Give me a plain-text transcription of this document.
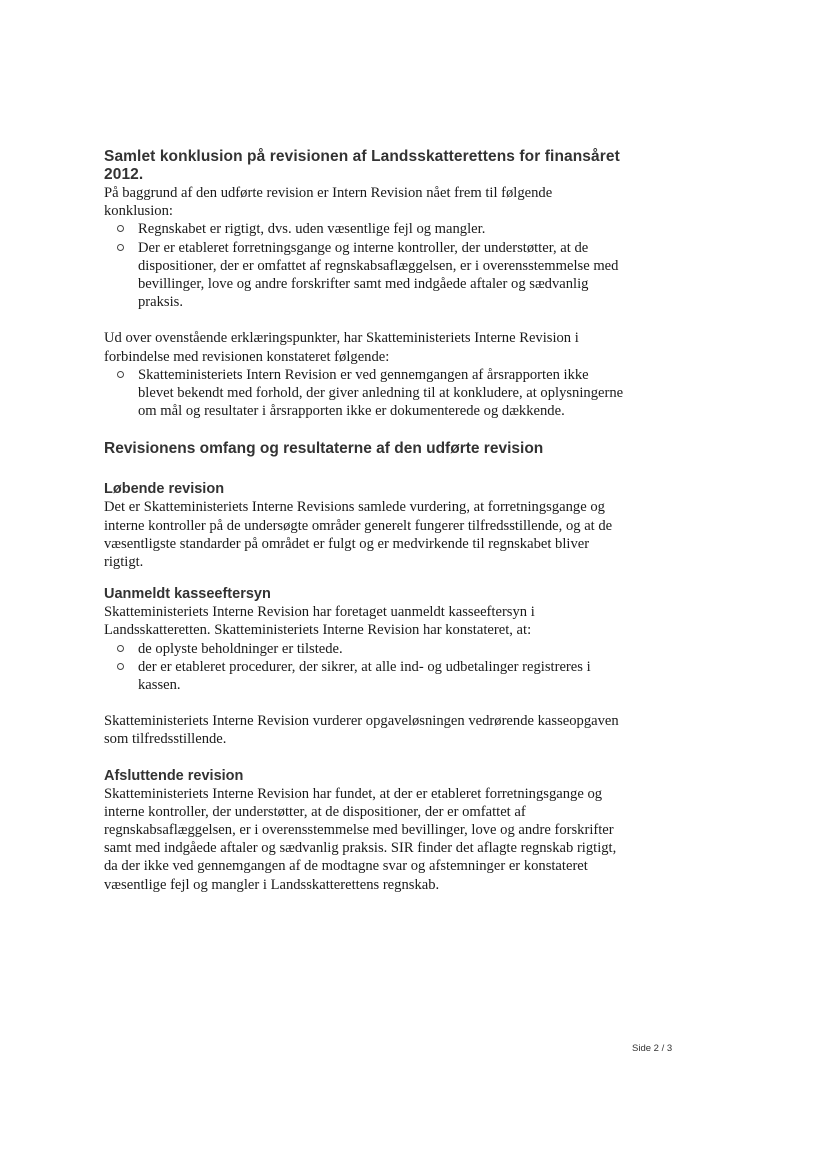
Samlet konklusion på revisionen af Landsskatterettens for finansåret 2012.

På baggrund af den udførte revision er Intern Revision nået frem til følgende konklusion:

Regnskabet er rigtigt, dvs. uden væsentlige fejl og mangler.
Der er etableret forretningsgange og interne kontroller, der understøtter, at de dispositioner, der er omfattet af regnskabsaflæggelsen, er i overensstemmelse med bevillinger, love og andre forskrifter samt med indgåede aftaler og sædvanlig praksis.

Ud over ovenstående erklæringspunkter, har Skatteministeriets Interne Revision i forbindelse med revisionen konstateret følgende:

Skatteministeriets Intern Revision er ved gennemgangen af årsrapporten ikke blevet bekendt med forhold, der giver anledning til at konkludere, at oplysningerne om mål og resultater i årsrapporten ikke er dokumenterede og dækkende.
Revisionens omfang og resultaterne af den udførte revision
Løbende revision

Det er Skatteministeriets Interne Revisions samlede vurdering, at forretningsgange og interne kontroller på de undersøgte områder generelt fungerer tilfredsstillende, og at de væsentligste standarder på området er fulgt og er medvirkende til regnskabet bliver rigtigt.

Uanmeldt kasseeftersyn

Skatteministeriets Interne Revision har foretaget uanmeldt kasseeftersyn i Landsskatteretten. Skatteministeriets Interne Revision har konstateret, at:

de oplyste beholdninger er tilstede.
der er etableret procedurer, der sikrer, at alle ind- og udbetalinger registreres i kassen.

Skatteministeriets Interne Revision vurderer opgaveløsningen vedrørende kasseopgaven som tilfredsstillende.

Afsluttende revision

Skatteministeriets Interne Revision har fundet, at der er etableret forretningsgange og interne kontroller, der understøtter, at de dispositioner, der er omfattet af regnskabsaflæggelsen, er i overensstemmelse med bevillinger, love og andre forskrifter samt med indgåede aftaler og sædvanlig praksis. SIR finder det aflagte regnskab rigtigt, da der ikke ved gennemgangen af de modtagne svar og afstemninger er konstateret væsentlige fejl og mangler i Landsskatterettens regnskab.

Side 2 / 3
